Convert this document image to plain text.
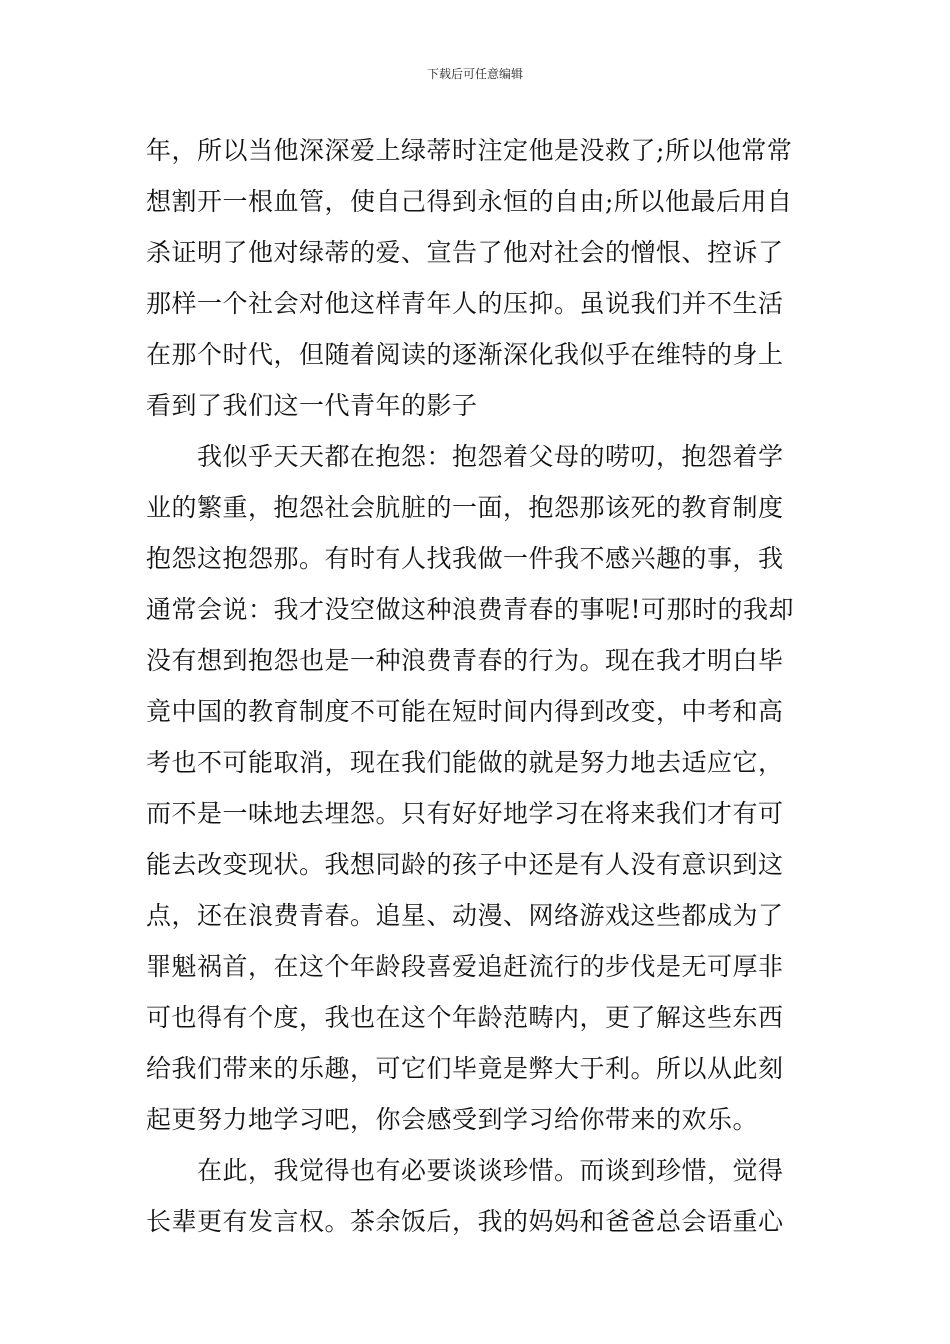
下载后可任意编辑
年，所以当他深深爱上绿蒂时注定他是没救了;所以他常常
想割开一根血管，使自己得到永恒的自由;所以他最后用自
杀证明了他对绿蒂的爱、宣告了他对社会的憎恨、控诉了
那样一个社会对他这样青年人的压抑。虽说我们并不生活
在那个时代，但随着阅读的逐渐深化我似乎在维特的身上
看到了我们这一代青年的影子
我似乎天天都在抱怨：抱怨着父母的唠叨，抱怨着学
业的繁重，抱怨社会肮脏的一面，抱怨那该死的教育制度
抱怨这抱怨那。有时有人找我做一件我不感兴趣的事，我
通常会说：我才没空做这种浪费青春的事呢!可那时的我却
没有想到抱怨也是一种浪费青春的行为。现在我才明白毕
竟中国的教育制度不可能在短时间内得到改变，中考和高
考也不可能取消，现在我们能做的就是努力地去适应它，
而不是一味地去埋怨。只有好好地学习在将来我们才有可
能去改变现状。我想同龄的孩子中还是有人没有意识到这
点，还在浪费青春。追星、动漫、网络游戏这些都成为了
罪魁祸首，在这个年龄段喜爱追赶流行的步伐是无可厚非
可也得有个度，我也在这个年龄范畴内，更了解这些东西
给我们带来的乐趣，可它们毕竟是弊大于利。所以从此刻
起更努力地学习吧，你会感受到学习给你带来的欢乐。
在此，我觉得也有必要谈谈珍惜。而谈到珍惜，觉得
长辈更有发言权。茶余饭后，我的妈妈和爸爸总会语重心
